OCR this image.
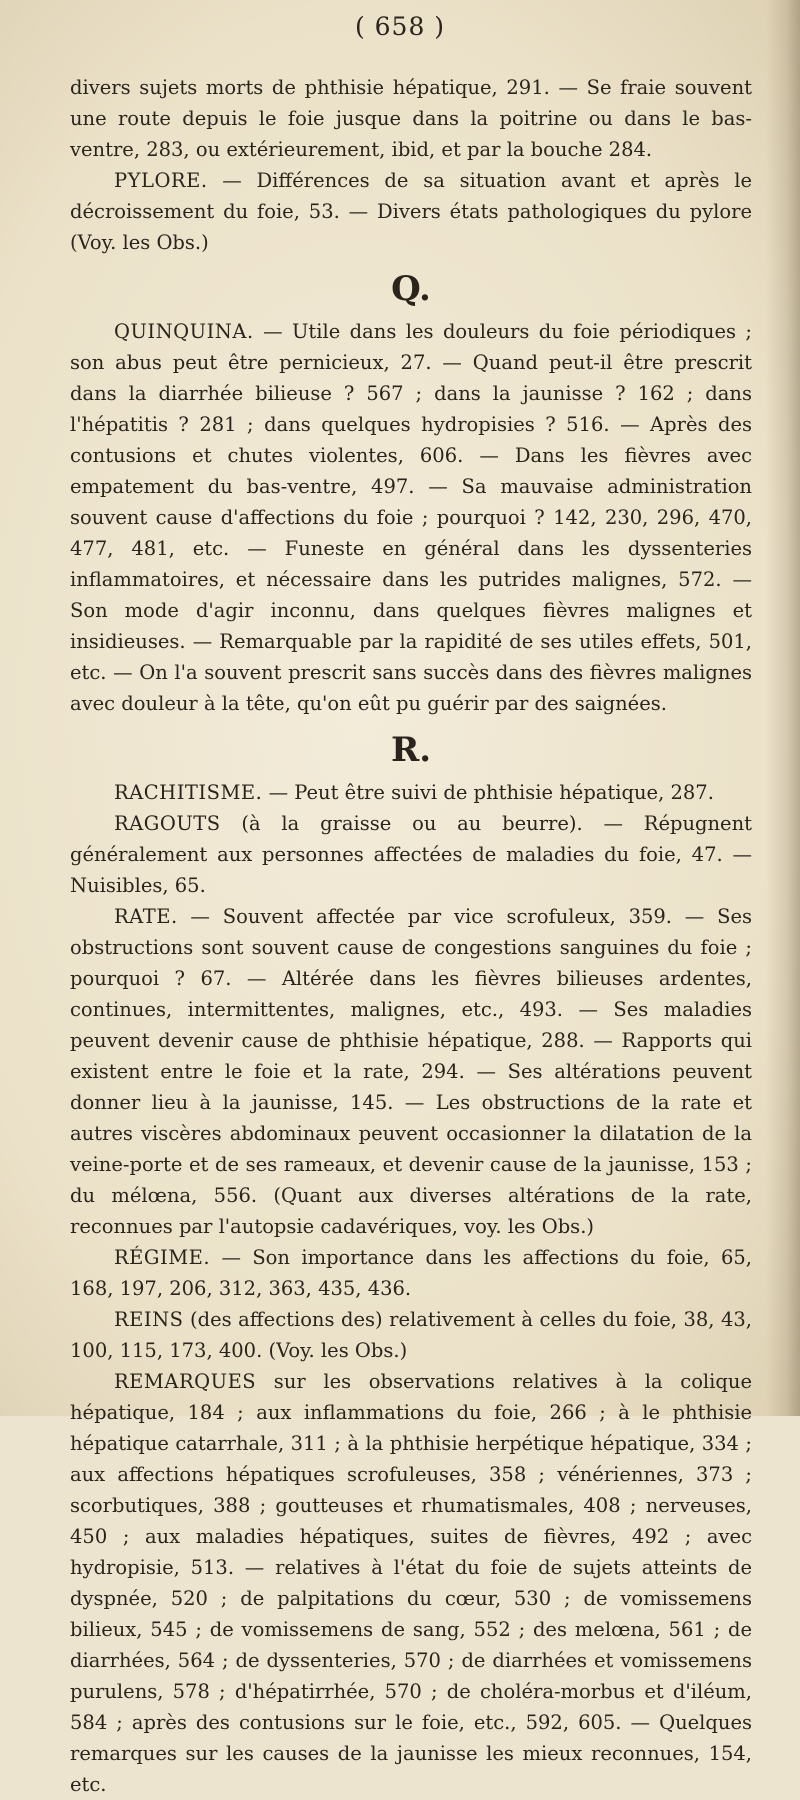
( 658 )

divers sujets morts de phthisie hépatique, 291. — Se fraie souvent une route depuis le foie jusque dans la poitrine ou dans le bas-ventre, 283, ou extérieurement, ibid, et par la bouche 284.

PYLORE. — Différences de sa situation avant et après le décroissement du foie, 53. — Divers états pathologiques du pylore (Voy. les Obs.)

Q.

QUINQUINA. — Utile dans les douleurs du foie périodiques ; son abus peut être pernicieux, 27. — Quand peut-il être prescrit dans la diarrhée bilieuse ? 567 ; dans la jaunisse ? 162 ; dans l'hépatitis ? 281 ; dans quelques hydropisies ? 516. — Après des contusions et chutes violentes, 606. — Dans les fièvres avec empatement du bas-ventre, 497. — Sa mauvaise administration souvent cause d'affections du foie ; pourquoi ? 142, 230, 296, 470, 477, 481, etc. — Funeste en général dans les dyssenteries inflammatoires, et nécessaire dans les putrides malignes, 572. — Son mode d'agir inconnu, dans quelques fièvres malignes et insidieuses. — Remarquable par la rapidité de ses utiles effets, 501, etc. — On l'a souvent prescrit sans succès dans des fièvres malignes avec douleur à la tête, qu'on eût pu guérir par des saignées.

R.

RACHITISME. — Peut être suivi de phthisie hépatique, 287.

RAGOUTS (à la graisse ou au beurre). — Répugnent généralement aux personnes affectées de maladies du foie, 47. — Nuisibles, 65.

RATE. — Souvent affectée par vice scrofuleux, 359. — Ses obstructions sont souvent cause de congestions sanguines du foie ; pourquoi ? 67. — Altérée dans les fièvres bilieuses ardentes, continues, intermittentes, malignes, etc., 493. — Ses maladies peuvent devenir cause de phthisie hépatique, 288. — Rapports qui existent entre le foie et la rate, 294. — Ses altérations peuvent donner lieu à la jaunisse, 145. — Les obstructions de la rate et autres viscères abdominaux peuvent occasionner la dilatation de la veine-porte et de ses rameaux, et devenir cause de la jaunisse, 153 ; du mélœna, 556. (Quant aux diverses altérations de la rate, reconnues par l'autopsie cadavériques, voy. les Obs.)

RÉGIME. — Son importance dans les affections du foie, 65, 168, 197, 206, 312, 363, 435, 436.

REINS (des affections des) relativement à celles du foie, 38, 43, 100, 115, 173, 400. (Voy. les Obs.)

REMARQUES sur les observations relatives à la colique hépatique, 184 ; aux inflammations du foie, 266 ; à le phthisie hépatique catarrhale, 311 ; à la phthisie herpétique hépatique, 334 ; aux affections hépatiques scrofuleuses, 358 ; vénériennes, 373 ; scorbutiques, 388 ; goutteuses et rhumatismales, 408 ; nerveuses, 450 ; aux maladies hépatiques, suites de fièvres, 492 ; avec hydropisie, 513. — relatives à l'état du foie de sujets atteints de dyspnée, 520 ; de palpitations du cœur, 530 ; de vomissemens bilieux, 545 ; de vomissemens de sang, 552 ; des melœna, 561 ; de diarrhées, 564 ; de dyssenteries, 570 ; de diarrhées et vomissemens purulens, 578 ; d'hépatirrhée, 570 ; de choléra-morbus et d'iléum, 584 ; après des contusions sur le foie, etc., 592, 605. — Quelques remarques sur les causes de la jaunisse les mieux reconnues, 154, etc.
